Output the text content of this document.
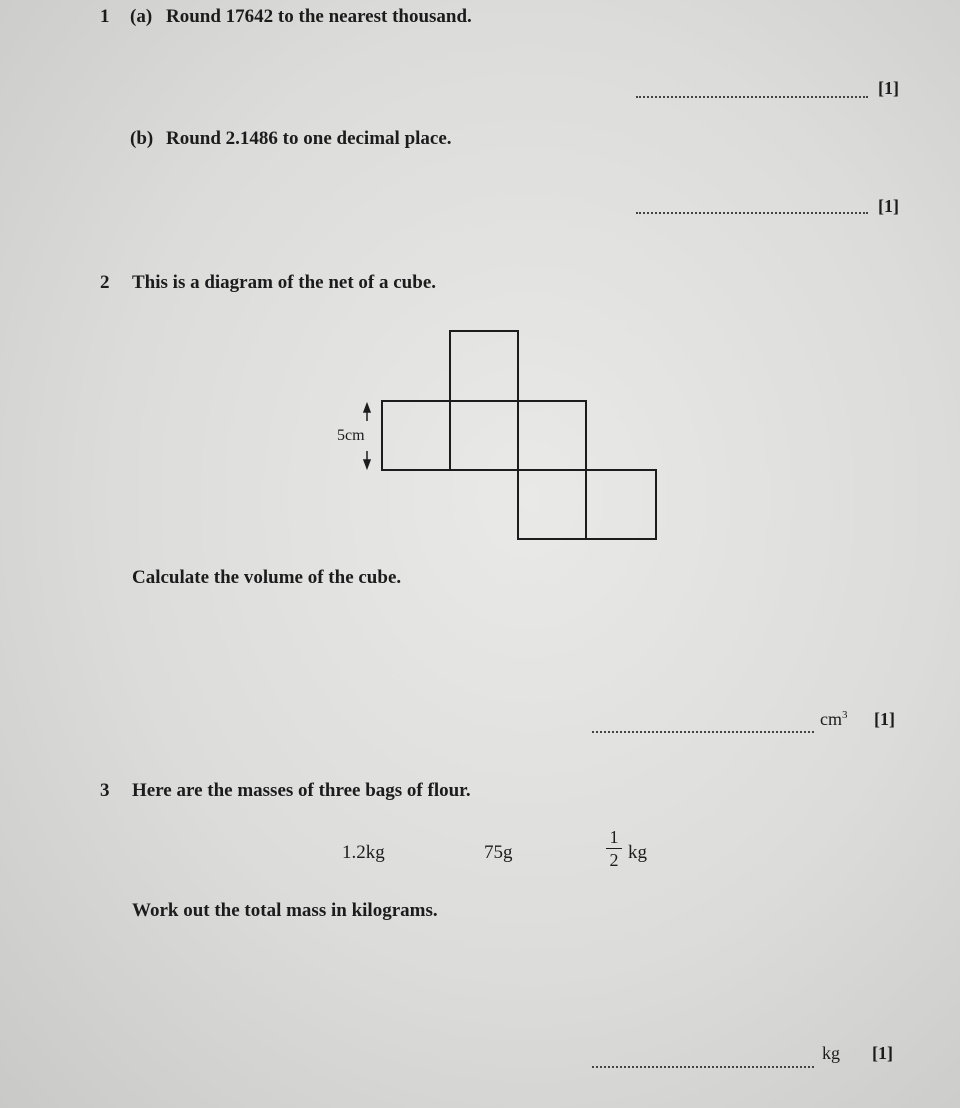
1 (a) Round 17642 to the nearest thousand.
[1]
(b) Round 2.1486 to one decimal place.
[1]
2 This is a diagram of the net of a cube.
5cm
Calculate the volume of the cube.
$cm^3$ [1]
3 Here are the masses of three bags of flour.
1.2kg	75g
1
2 kg
Work out the total mass in kilograms.
kg [1]
